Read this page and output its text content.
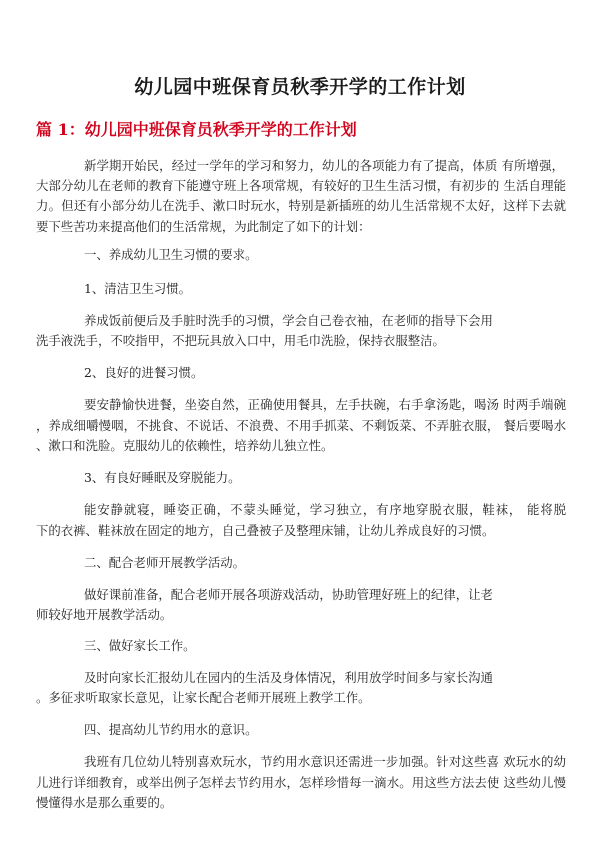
幼儿园中班保育员秋季开学的工作计划
篇 1：幼儿园中班保育员秋季开学的工作计划
新学期开始民，经过一学年的学习和努力，幼儿的各项能力有了提高，体质 有所增强，
大部分幼儿在老师的教育下能遵守班上各项常规，有较好的卫生生活习惯，有初步的 生活自理能
力。但还有小部分幼儿在洗手、漱口时玩水，特别是新插班的幼儿生活常规不太好，这样下去就
要下些苦功来提高他们的生活常规，为此制定了如下的计划：
一、养成幼儿卫生习惯的要求。
1、清洁卫生习惯。
养成饭前便后及手脏时洗手的习惯，学会自己卷衣袖，在老师的指导下会用
洗手液洗手，不咬指甲，不把玩具放入口中，用毛巾洗脸，保持衣服整洁。
2、良好的进餐习惯。
要安静愉快进餐，坐姿自然，正确使用餐具，左手扶碗，右手拿汤匙，喝汤 时两手端碗
，养成细嚼慢咽，不挑食、不说话、不浪费、不用手抓菜、不剩饭菜、不弄脏衣服， 餐后要喝水
、漱口和洗脸。克服幼儿的依赖性，培养幼儿独立性。
3、有良好睡眠及穿脱能力。
能安静就寝，睡姿正确，不蒙头睡觉，学习独立，有序地穿脱衣服，鞋袜， 能将脱
下的衣裤、鞋袜放在固定的地方，自己叠被子及整理床铺，让幼儿养成良好的习惯。
二、配合老师开展教学活动。
做好课前准备，配合老师开展各项游戏活动，协助管理好班上的纪律，让老
师较好地开展教学活动。
三、做好家长工作。
及时向家长汇报幼儿在园内的生活及身体情况，利用放学时间多与家长沟通
。多征求听取家长意见，让家长配合老师开展班上教学工作。
四、提高幼儿节约用水的意识。
我班有几位幼儿特别喜欢玩水，节约用水意识还需进一步加强。针对这些喜 欢玩水的幼
儿进行详细教育，或举出例子怎样去节约用水，怎样珍惜每一滴水。用这些方法去使 这些幼儿慢
慢懂得水是那么重要的。
